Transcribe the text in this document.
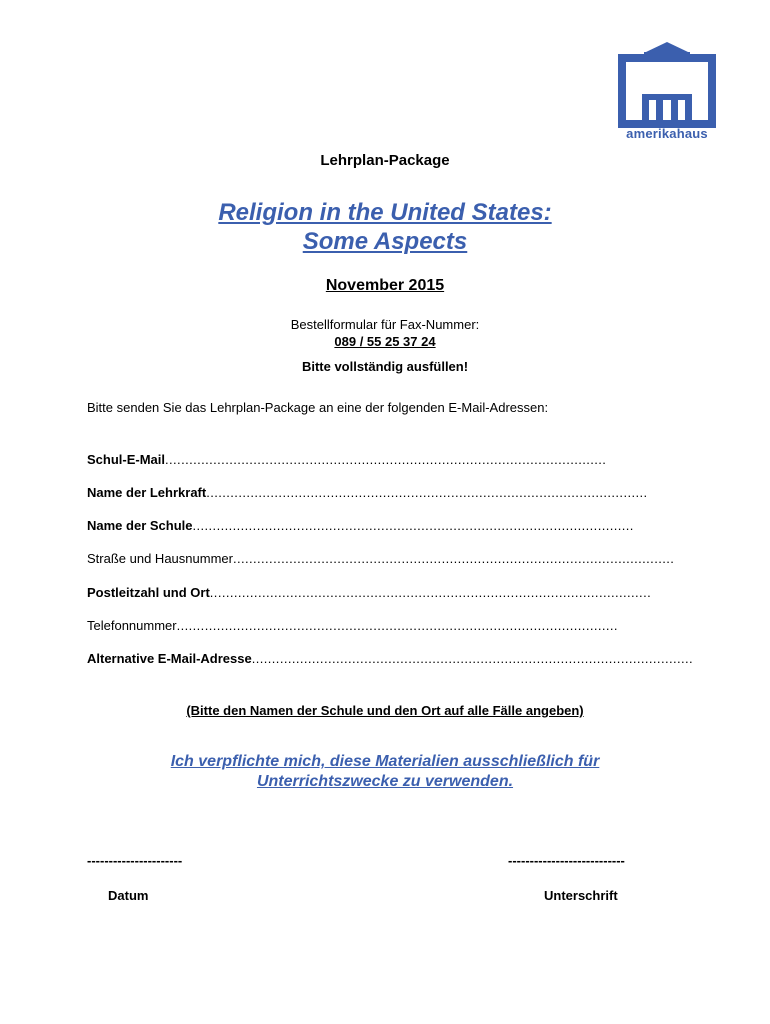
amerikahaus
Lehrplan-Package
Religion in the United States:
Some Aspects
November 2015
Bestellformular für Fax-Nummer:
089 / 55 25 37 24
Bitte vollständig ausfüllen!
Bitte senden Sie das Lehrplan-Package an eine der folgenden E-Mail-Adressen:
Schul-E-Mail..............................................................................................................
Name der Lehrkraft..............................................................................................................
Name der Schule..............................................................................................................
Straße und Hausnummer..............................................................................................................
Postleitzahl und Ort..............................................................................................................
Telefonnummer..............................................................................................................
Alternative E-Mail-Adresse..............................................................................................................
(Bitte den Namen der Schule und den Ort auf alle Fälle angeben)
Ich verpflichte mich, diese Materialien ausschließlich für
Unterrichtszwecke zu verwenden.
----------------------
Datum
---------------------------
Unterschrift
